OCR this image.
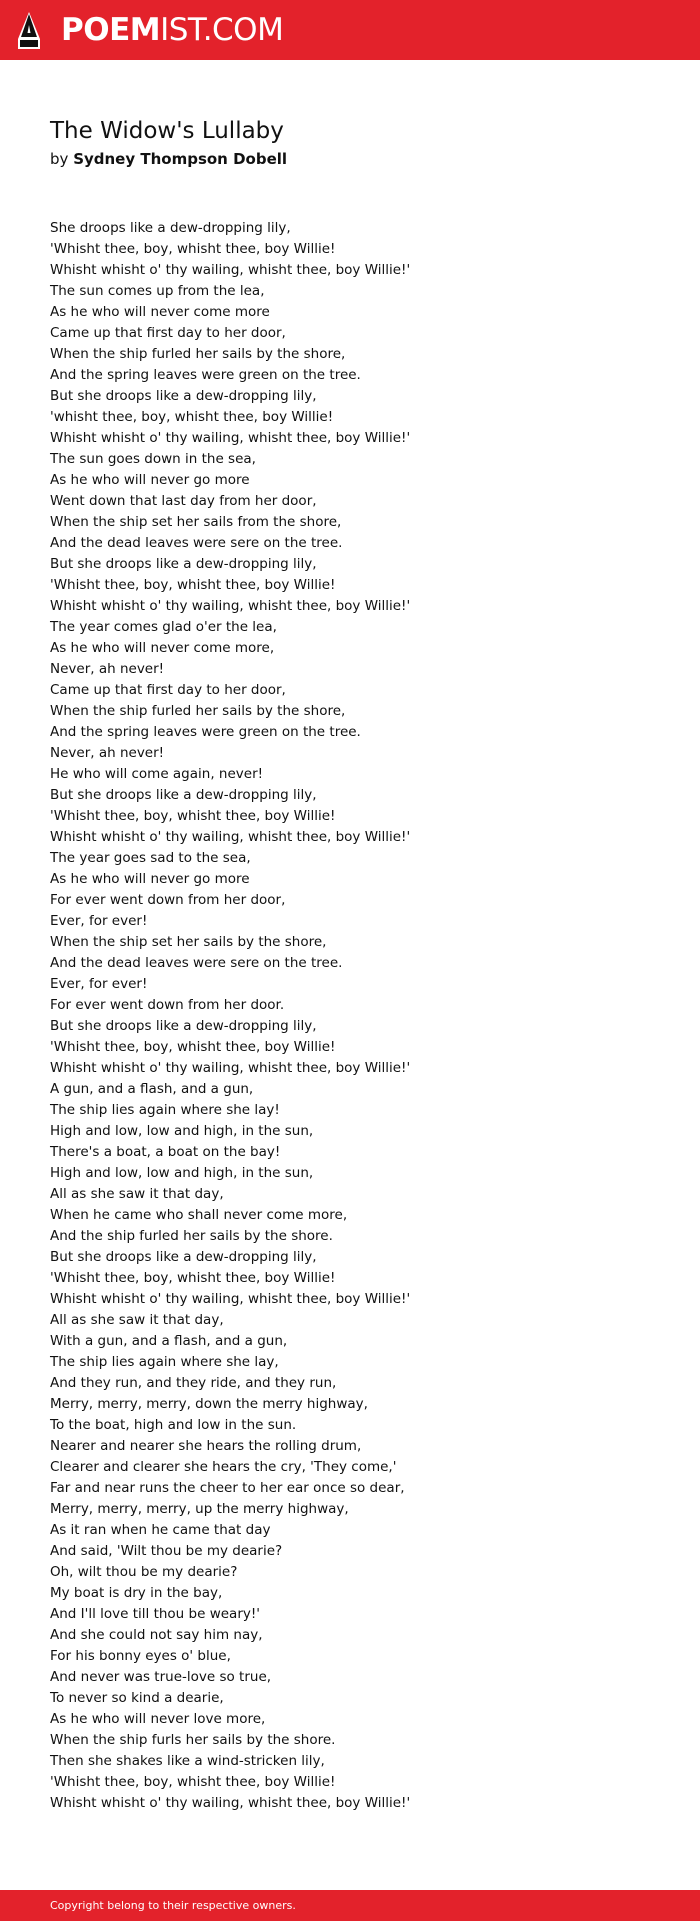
POEMIST.COM
The Widow's Lullaby
by Sydney Thompson Dobell
She droops like a dew-dropping lily,
'Whisht thee, boy, whisht thee, boy Willie!
Whisht whisht o' thy wailing, whisht thee, boy Willie!'
The sun comes up from the lea,
As he who will never come more
Came up that first day to her door,
When the ship furled her sails by the shore,
And the spring leaves were green on the tree.
But she droops like a dew-dropping lily,
'whisht thee, boy, whisht thee, boy Willie!
Whisht whisht o' thy wailing, whisht thee, boy Willie!'
The sun goes down in the sea,
As he who will never go more
Went down that last day from her door,
When the ship set her sails from the shore,
And the dead leaves were sere on the tree.
But she droops like a dew-dropping lily,
'Whisht thee, boy, whisht thee, boy Willie!
Whisht whisht o' thy wailing, whisht thee, boy Willie!'
The year comes glad o'er the lea,
As he who will never come more,
Never, ah never!
Came up that first day to her door,
When the ship furled her sails by the shore,
And the spring leaves were green on the tree.
Never, ah never!
He who will come again, never!
But she droops like a dew-dropping lily,
'Whisht thee, boy, whisht thee, boy Willie!
Whisht whisht o' thy wailing, whisht thee, boy Willie!'
The year goes sad to the sea,
As he who will never go more
For ever went down from her door,
Ever, for ever!
When the ship set her sails by the shore,
And the dead leaves were sere on the tree.
Ever, for ever!
For ever went down from her door.
But she droops like a dew-dropping lily,
'Whisht thee, boy, whisht thee, boy Willie!
Whisht whisht o' thy wailing, whisht thee, boy Willie!'
A gun, and a flash, and a gun,
The ship lies again where she lay!
High and low, low and high, in the sun,
There's a boat, a boat on the bay!
High and low, low and high, in the sun,
All as she saw it that day,
When he came who shall never come more,
And the ship furled her sails by the shore.
But she droops like a dew-dropping lily,
'Whisht thee, boy, whisht thee, boy Willie!
Whisht whisht o' thy wailing, whisht thee, boy Willie!'
All as she saw it that day,
With a gun, and a flash, and a gun,
The ship lies again where she lay,
And they run, and they ride, and they run,
Merry, merry, merry, down the merry highway,
To the boat, high and low in the sun.
Nearer and nearer she hears the rolling drum,
Clearer and clearer she hears the cry, 'They come,'
Far and near runs the cheer to her ear once so dear,
Merry, merry, merry, up the merry highway,
As it ran when he came that day
And said, 'Wilt thou be my dearie?
Oh, wilt thou be my dearie?
My boat is dry in the bay,
And I'll love till thou be weary!'
And she could not say him nay,
For his bonny eyes o' blue,
And never was true-love so true,
To never so kind a dearie,
As he who will never love more,
When the ship furls her sails by the shore.
Then she shakes like a wind-stricken lily,
'Whisht thee, boy, whisht thee, boy Willie!
Whisht whisht o' thy wailing, whisht thee, boy Willie!'
Copyright belong to their respective owners.
